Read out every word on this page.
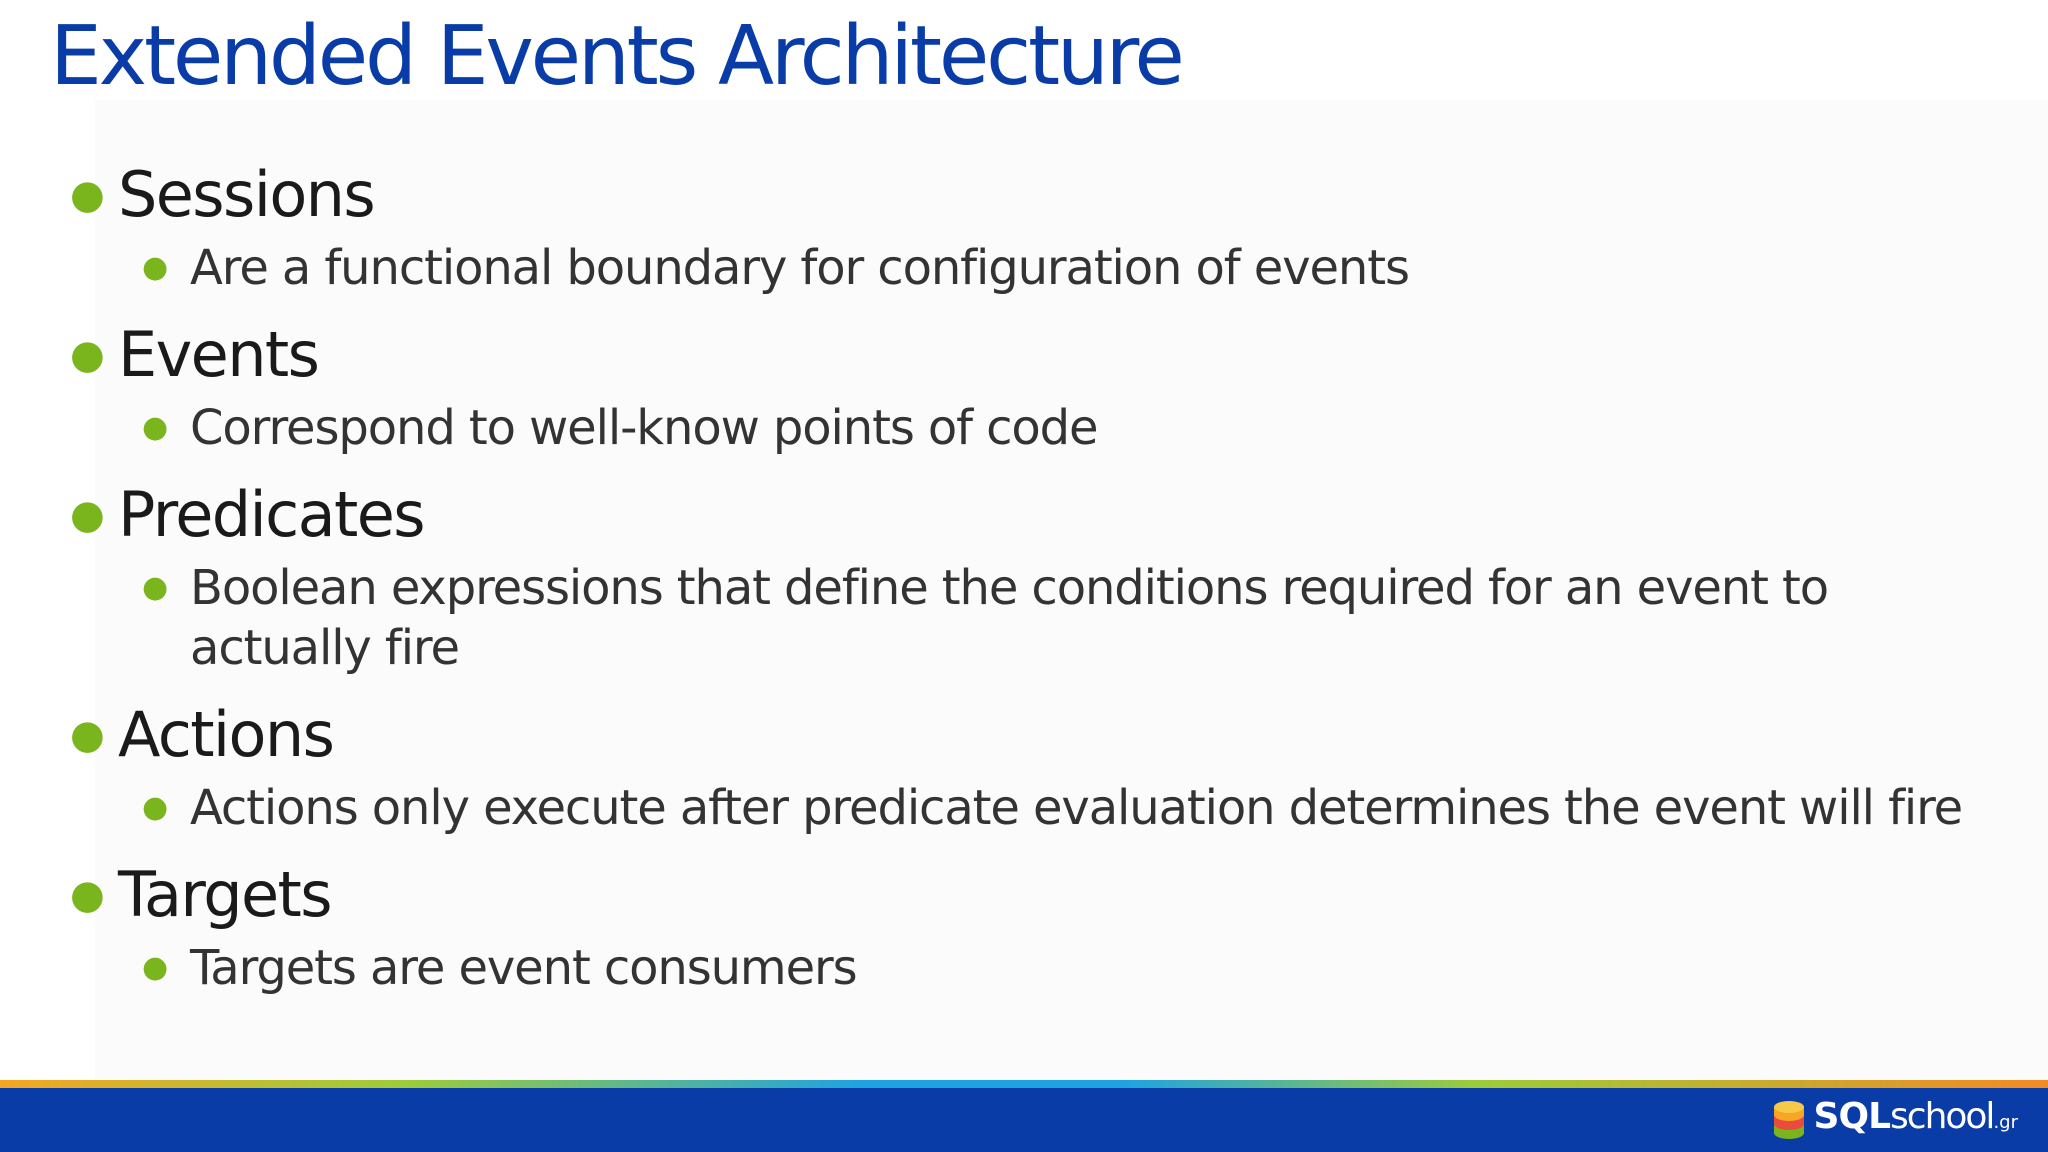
Extended Events Architecture
● Sessions
● Are a functional boundary for configuration of events
● Events
● Correspond to well-know points of code
● Predicates
● Boolean expressions that define the conditions required for an event to actually fire
● Actions
● Actions only execute after predicate evaluation determines the event will fire
● Targets
● Targets are event consumers
SQLschool.gr
